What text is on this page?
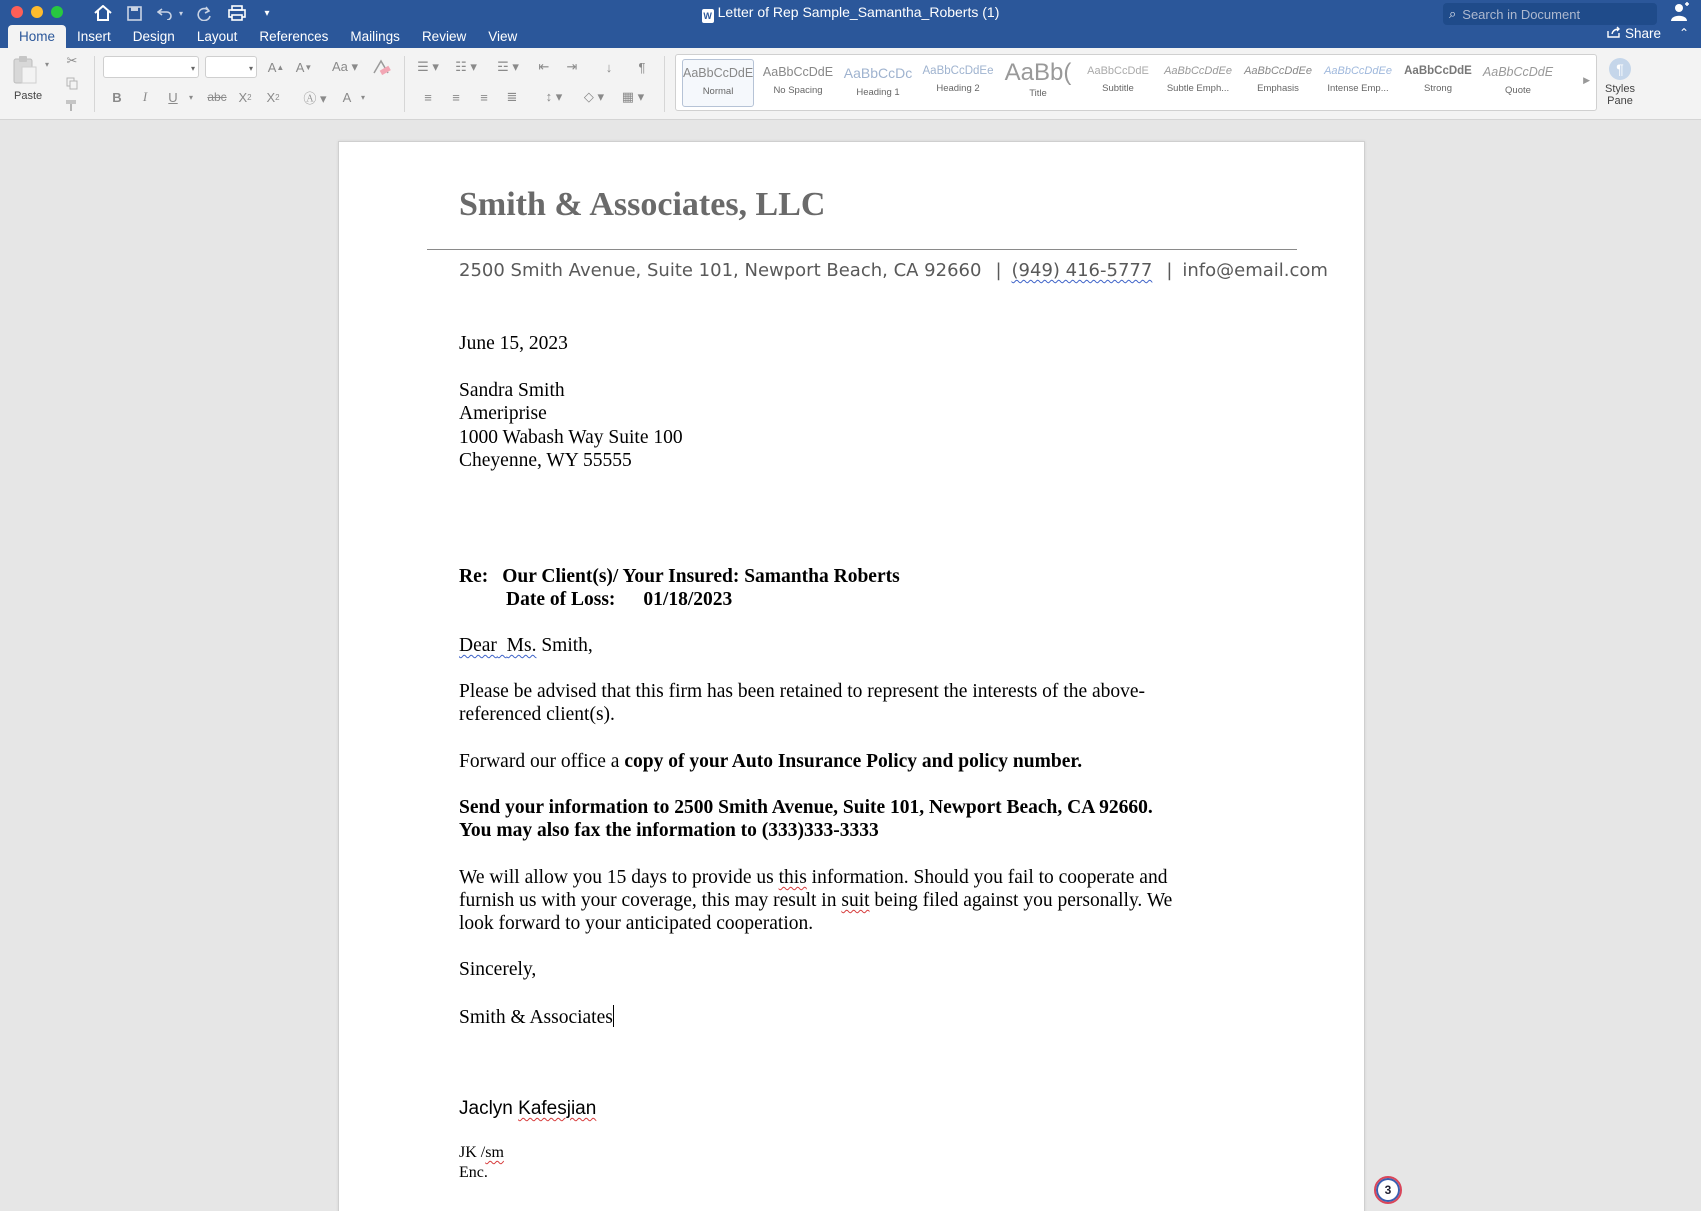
▾	▾	W Letter of Rep Sample_Samantha_Roberts (1)	⌕ Search in Document
Home	Insert	Design	Layout	References	Mailings	Review	View	Share ⌃
▾
Paste
✂
▾	▾ A ▲ A ▼	Aa ▾
B	I	U	▾ abc X 2	X 2	Ⓐ ▾	A	▾
☰ ▾	☷ ▾	☲ ▾	⇤	⇥	↓	¶
≡	≡	≡	≣	↕ ▾	◇ ▾	▦ ▾
AaBbCcDdE
Normal
AaBbCcDdE
No Spacing
AaBbCcDc
Heading 1
AaBbCcDdEe
Heading 2
AaBb(
Title
AaBbCcDdE
Subtitle
AaBbCcDdEe
Subtle Emph...
AaBbCcDdEe
Emphasis
AaBbCcDdEe
Intense Emp...
AaBbCcDdE
Strong
AaBbCcDdE
Quote
▶
¶
Styles
Pane
Smith & Associates, LLC
2500 Smith Avenue, Suite 101, Newport Beach, CA 92660 | (949) 416-5777 | info@email.com
June 15, 2023
Sandra Smith
Ameriprise
1000 Wabash Way Suite 100
Cheyenne, WY 55555
Re: Our Client(s)/ Your Insured: Samantha Roberts
Date of Loss: 01/18/2023
Dear Ms. Smith,
Please be advised that this firm has been retained to represent the interests of the above-
referenced client(s).
Forward our office a copy of your Auto Insurance Policy and policy number.
Send your information to 2500 Smith Avenue, Suite 101, Newport Beach, CA 92660.
You may also fax the information to (333)333-3333
We will allow you 15 days to provide us this information. Should you fail to cooperate and
furnish us with your coverage, this may result in suit being filed against you personally. We
look forward to your anticipated cooperation.
Sincerely,
Smith & Associates
Jaclyn Kafesjian
JK /sm
Enc.
3
